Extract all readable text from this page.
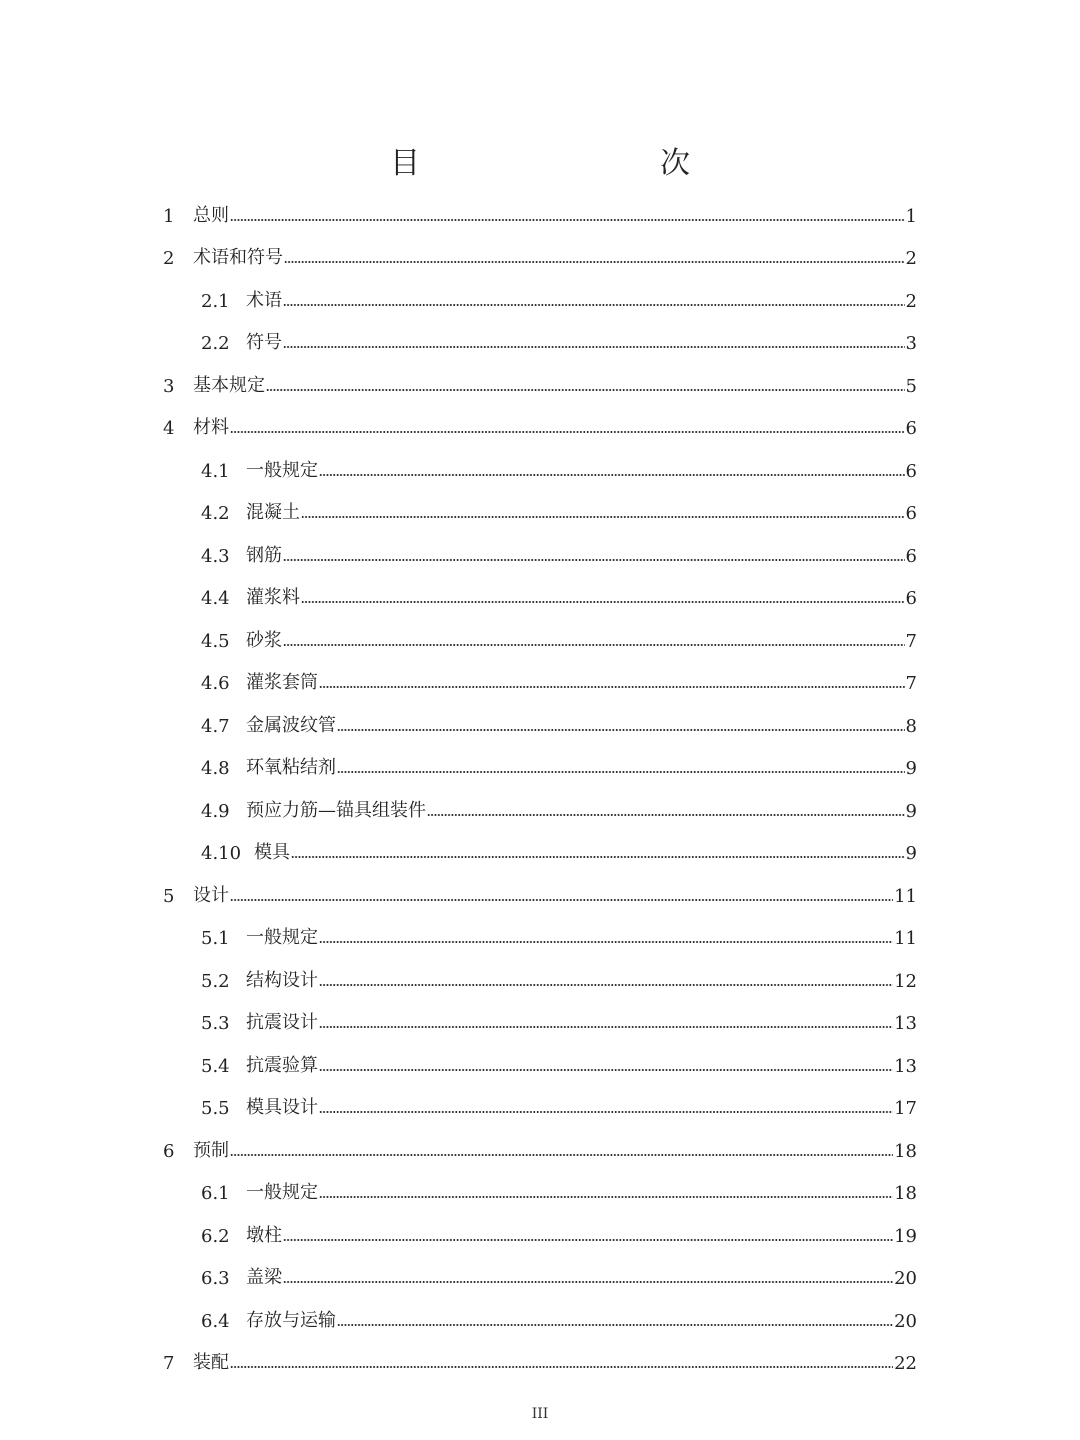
目　　次
1	总则	1
2	术语和符号	2
2.1 术语	2
2.2 符号	3
3	基本规定	5
4	材料	6
4.1 一般规定	6
4.2 混凝土	6
4.3 钢筋	6
4.4 灌浆料	6
4.5 砂浆	7
4.6 灌浆套筒	7
4.7 金属波纹管	8
4.8 环氧粘结剂	9
4.9 预应力筋—锚具组装件	9
4.10 模具	9
5	设计	11
5.1 一般规定	11
5.2 结构设计	12
5.3 抗震设计	13
5.4 抗震验算	13
5.5 模具设计	17
6	预制	18
6.1 一般规定	18
6.2 墩柱	19
6.3 盖梁	20
6.4 存放与运输	20
7	装配	22
III
